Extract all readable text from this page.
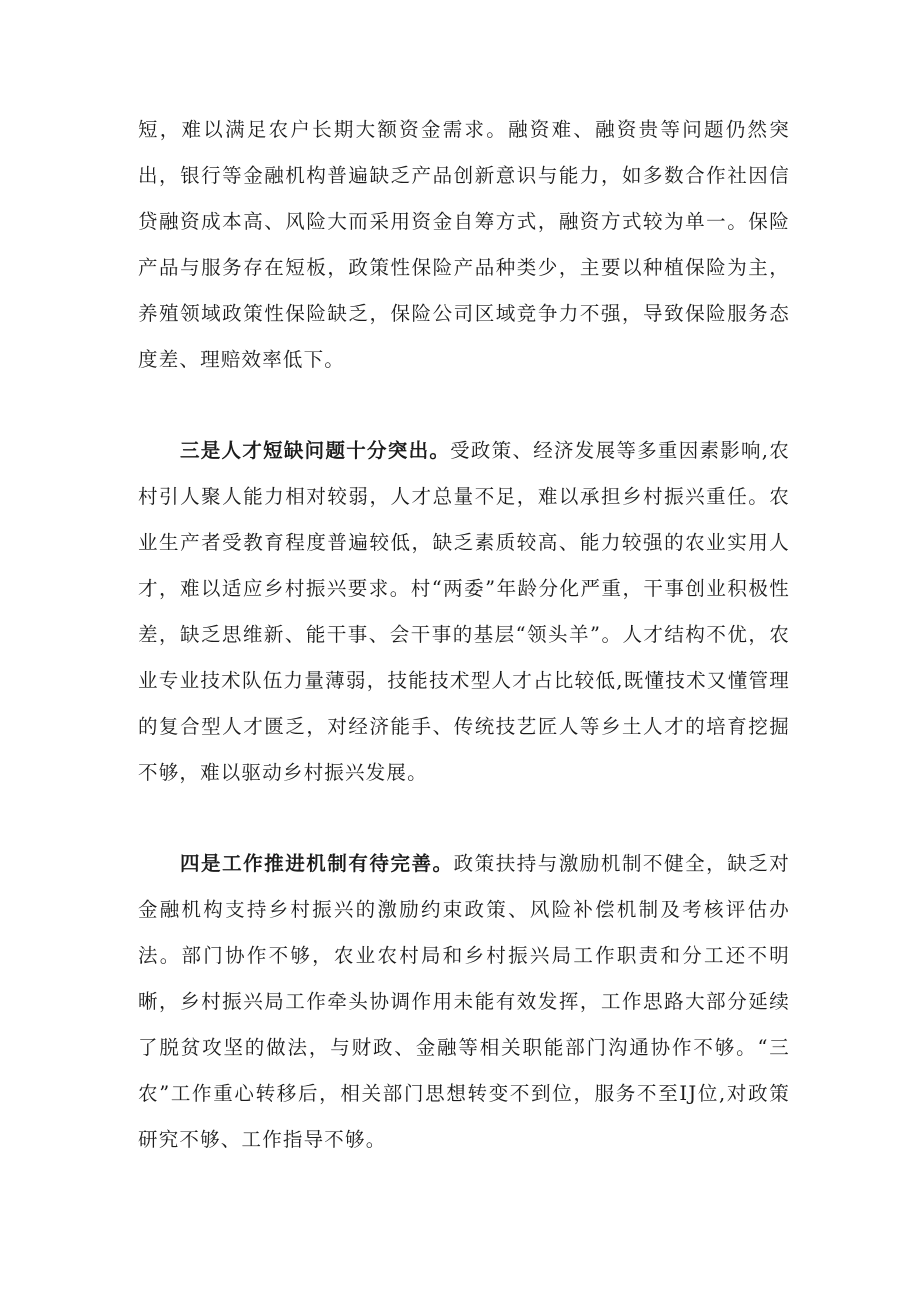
短，难以满足农户长期大额资金需求。融资难、融资贵等问题仍然突出，银行等金融机构普遍缺乏产品创新意识与能力，如多数合作社因信贷融资成本高、风险大而采用资金自筹方式，融资方式较为单一。保险产品与服务存在短板，政策性保险产品种类少，主要以种植保险为主，养殖领域政策性保险缺乏，保险公司区域竞争力不强，导致保险服务态度差、理赔效率低下。

三是人才短缺问题十分突出。受政策、经济发展等多重因素影响,农村引人聚人能力相对较弱，人才总量不足，难以承担乡村振兴重任。农业生产者受教育程度普遍较低，缺乏素质较高、能力较强的农业实用人才，难以适应乡村振兴要求。村“两委”年龄分化严重，干事创业积极性差，缺乏思维新、能干事、会干事的基层“领头羊”。人才结构不优，农业专业技术队伍力量薄弱，技能技术型人才占比较低,既懂技术又懂管理的复合型人才匮乏，对经济能手、传统技艺匠人等乡土人才的培育挖掘不够，难以驱动乡村振兴发展。

四是工作推进机制有待完善。政策扶持与激励机制不健全，缺乏对金融机构支持乡村振兴的激励约束政策、风险补偿机制及考核评估办法。部门协作不够，农业农村局和乡村振兴局工作职责和分工还不明晰，乡村振兴局工作牵头协调作用未能有效发挥，工作思路大部分延续了脱贫攻坚的做法，与财政、金融等相关职能部门沟通协作不够。“三农”工作重心转移后，相关部门思想转变不到位，服务不至IJ位,对政策研究不够、工作指导不够。
